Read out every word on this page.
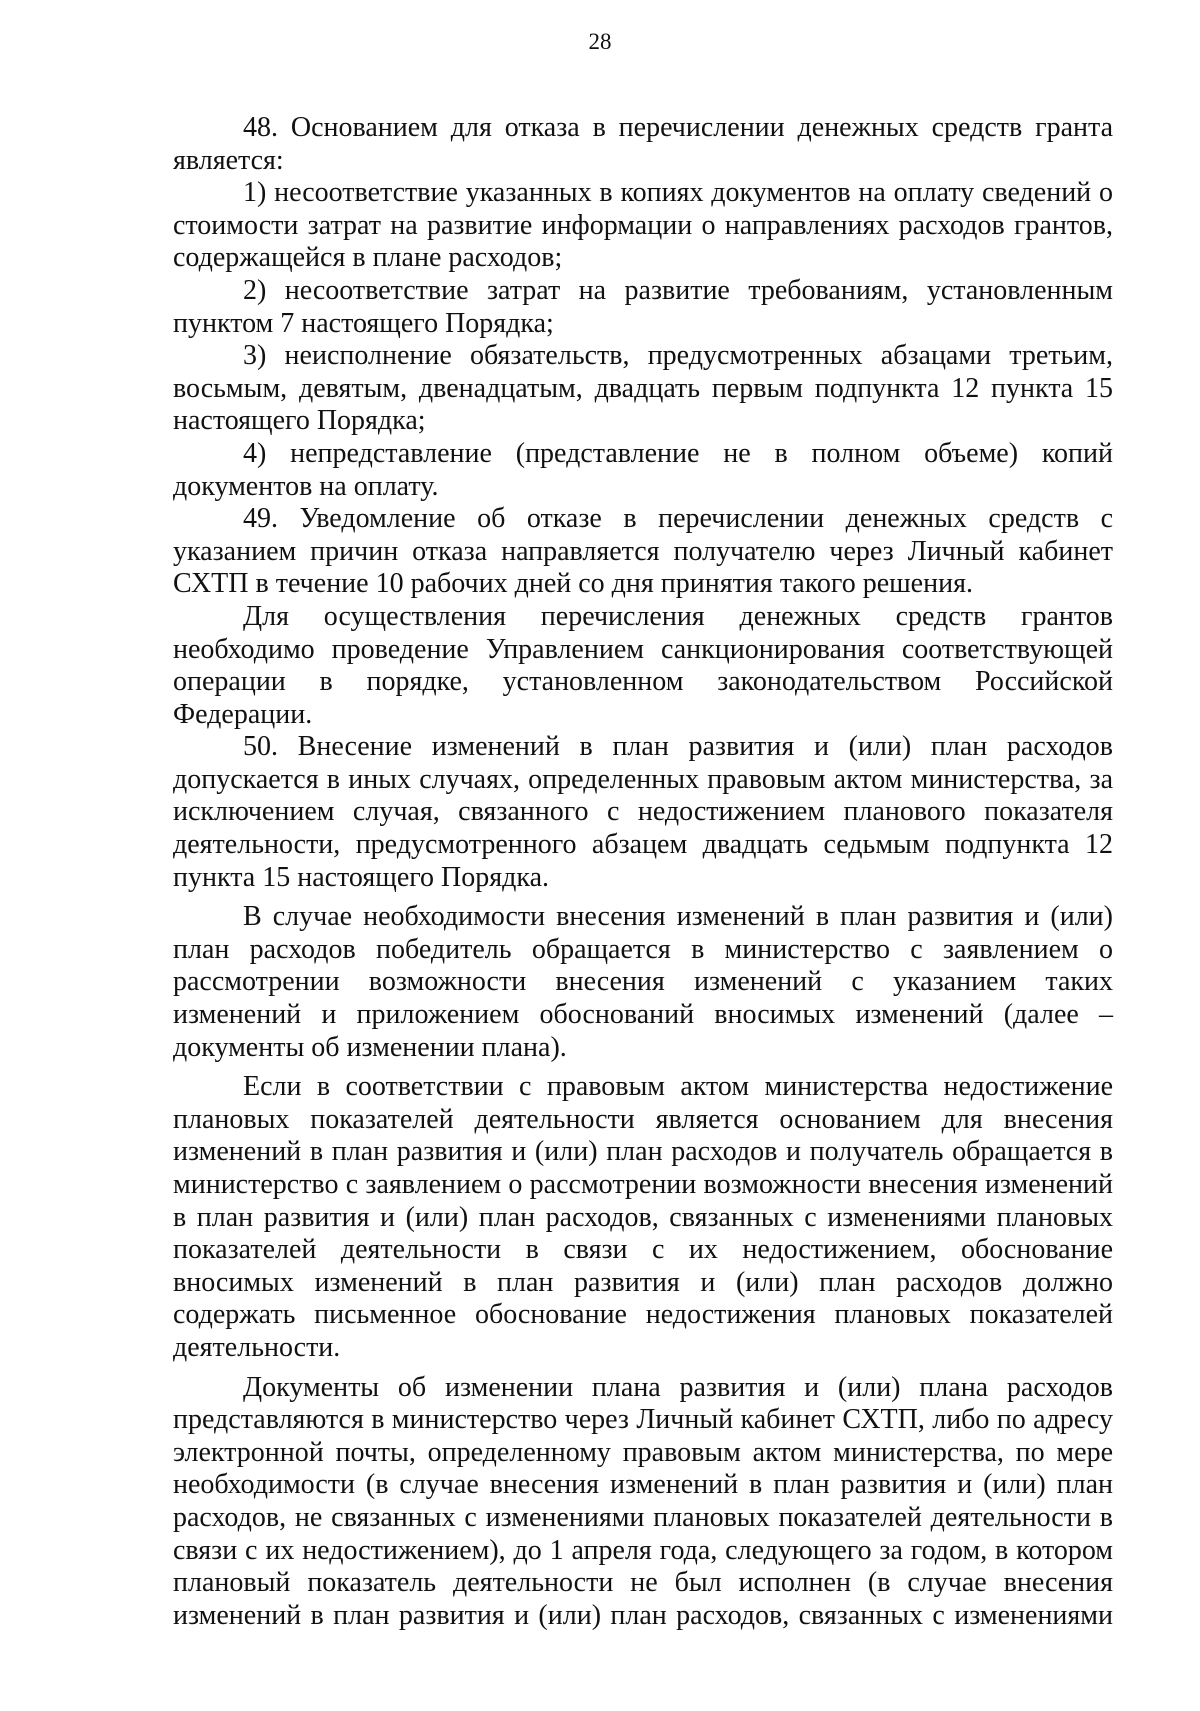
28

48. Основанием для отказа в перечислении денежных средств гранта является:

1) несоответствие указанных в копиях документов на оплату сведений о стоимости затрат на развитие информации о направлениях расходов грантов, содержащейся в плане расходов;

2) несоответствие затрат на развитие требованиям, установленным пунктом 7 настоящего Порядка;

3) неисполнение обязательств, предусмотренных абзацами третьим, восьмым, девятым, двенадцатым, двадцать первым подпункта 12 пункта 15 настоящего Порядка;

4) непредставление (представление не в полном объеме) копий документов на оплату.

49. Уведомление об отказе в перечислении денежных средств с указанием причин отказа направляется получателю через Личный кабинет СХТП в течение 10 рабочих дней со дня принятия такого решения.

Для осуществления перечисления денежных средств грантов необходимо проведение Управлением санкционирования соответствующей операции в порядке, установленном законодательством Российской Федерации.

50. Внесение изменений в план развития и (или) план расходов допускается в иных случаях, определенных правовым актом министерства, за исключением случая, связанного с недостижением планового показателя деятельности, предусмотренного абзацем двадцать седьмым подпункта 12 пункта 15 настоящего Порядка.

В случае необходимости внесения изменений в план развития и (или) план расходов победитель обращается в министерство с заявлением о рассмотрении возможности внесения изменений с указанием таких изменений и приложением обоснований вносимых изменений (далее – документы об изменении плана).

Если в соответствии с правовым актом министерства недостижение плановых показателей деятельности является основанием для внесения изменений в план развития и (или) план расходов и получатель обращается в министерство с заявлением о рассмотрении возможности внесения изменений в план развития и (или) план расходов, связанных с изменениями плановых показателей деятельности в связи с их недостижением, обоснование вносимых изменений в план развития и (или) план расходов должно содержать письменное обоснование недостижения плановых показателей деятельности.

Документы об изменении плана развития и (или) плана расходов представляются в министерство через Личный кабинет СХТП, либо по адресу электронной почты, определенному правовым актом министерства, по мере необходимости (в случае внесения изменений в план развития и (или) план расходов, не связанных с изменениями плановых показателей деятельности в связи с их недостижением), до 1 апреля года, следующего за годом, в котором плановый показатель деятельности не был исполнен (в случае внесения изменений в план развития и (или) план расходов, связанных с изменениями
